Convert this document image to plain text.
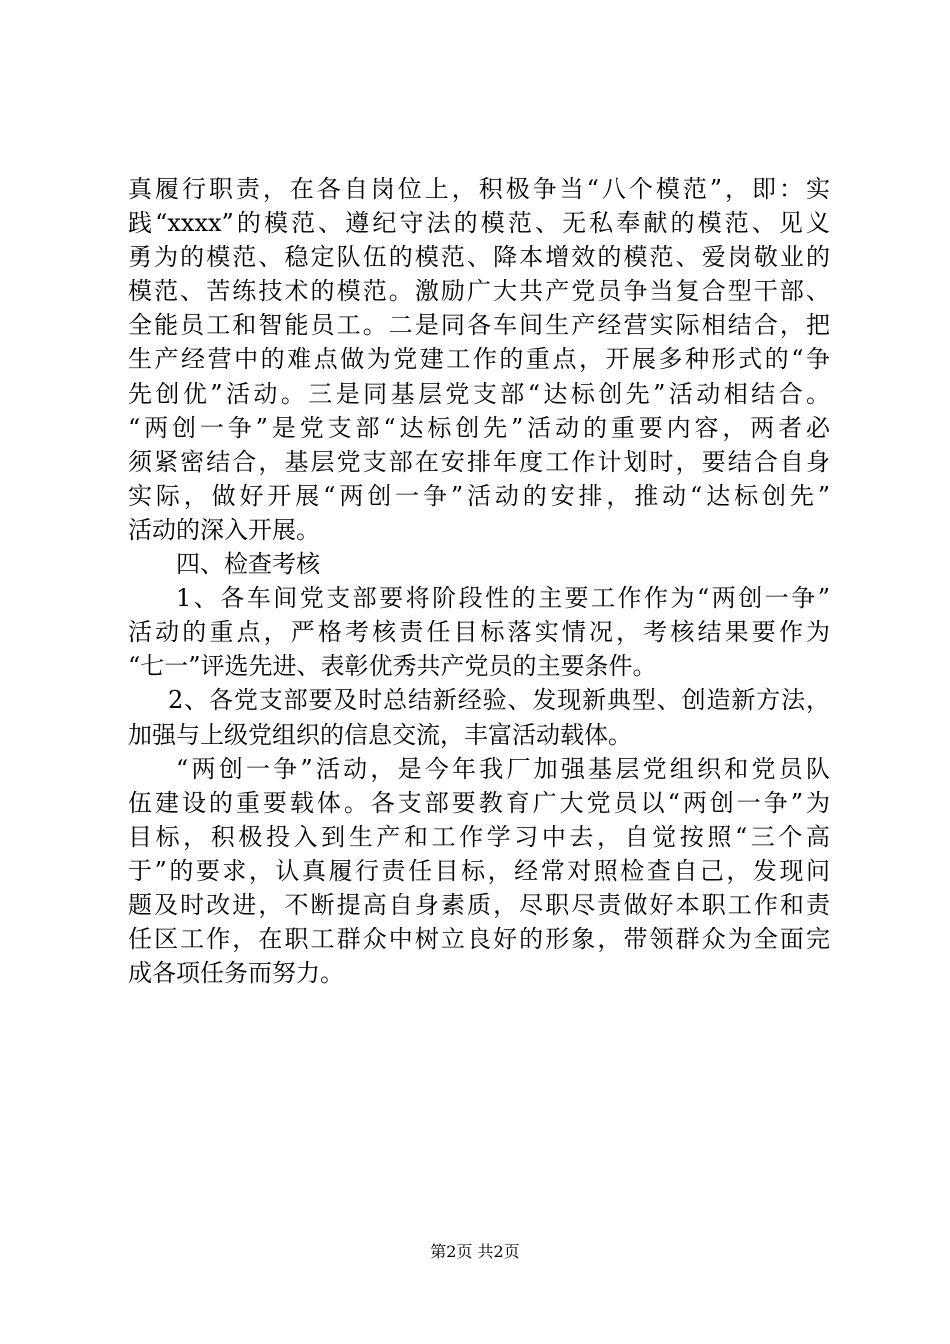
真履行职责，在各自岗位上，积极争当“八个模范”，即：实
践“xxxx”的模范、遵纪守法的模范、无私奉献的模范、见义
勇为的模范、稳定队伍的模范、降本增效的模范、爱岗敬业的
模范、苦练技术的模范。激励广大共产党员争当复合型干部、
全能员工和智能员工。二是同各车间生产经营实际相结合，把
生产经营中的难点做为党建工作的重点，开展多种形式的“争
先创优”活动。三是同基层党支部“达标创先”活动相结合。
“两创一争”是党支部“达标创先”活动的重要内容，两者必
须紧密结合，基层党支部在安排年度工作计划时，要结合自身
实际，做好开展“两创一争”活动的安排，推动“达标创先”
活动的深入开展。
四、检查考核
1、各车间党支部要将阶段性的主要工作作为“两创一争”
活动的重点，严格考核责任目标落实情况，考核结果要作为
“七一”评选先进、表彰优秀共产党员的主要条件。
2、各党支部要及时总结新经验、发现新典型、创造新方法，
加强与上级党组织的信息交流，丰富活动载体。
“两创一争”活动，是今年我厂加强基层党组织和党员队
伍建设的重要载体。各支部要教育广大党员以“两创一争”为
目标，积极投入到生产和工作学习中去，自觉按照“三个高
于”的要求，认真履行责任目标，经常对照检查自己，发现问
题及时改进，不断提高自身素质，尽职尽责做好本职工作和责
任区工作，在职工群众中树立良好的形象，带领群众为全面完
成各项任务而努力。
第2页 共2页
